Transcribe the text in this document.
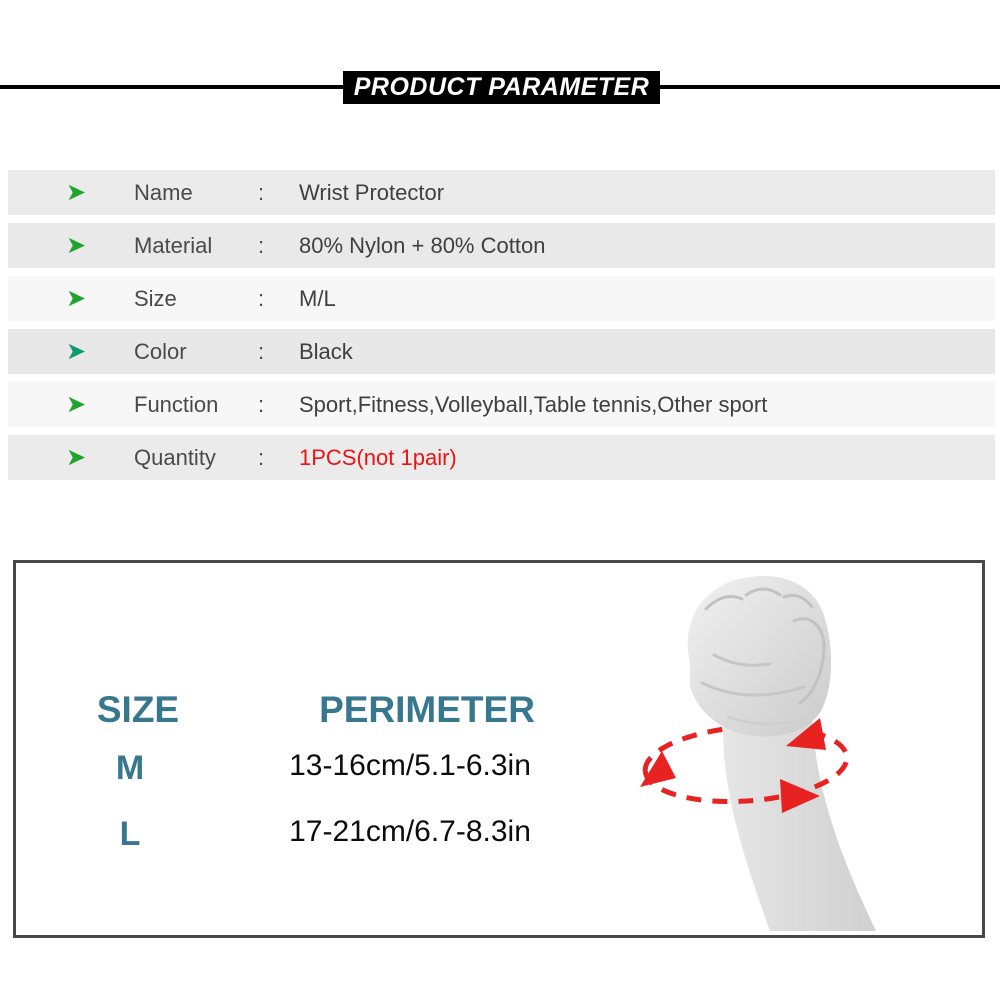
PRODUCT PARAMETER
➤	Name	:	Wrist Protector
➤	Material	:	80% Nylon + 80% Cotton
➤	Size	:	M/L
➤	Color	:	Black
➤	Function	:	Sport,Fitness,Volleyball,Table tennis,Other sport
➤	Quantity	:	1PCS(not 1pair)
SIZE	PERIMETER
M	13-16cm/5.1-6.3in
L	17-21cm/6.7-8.3in
